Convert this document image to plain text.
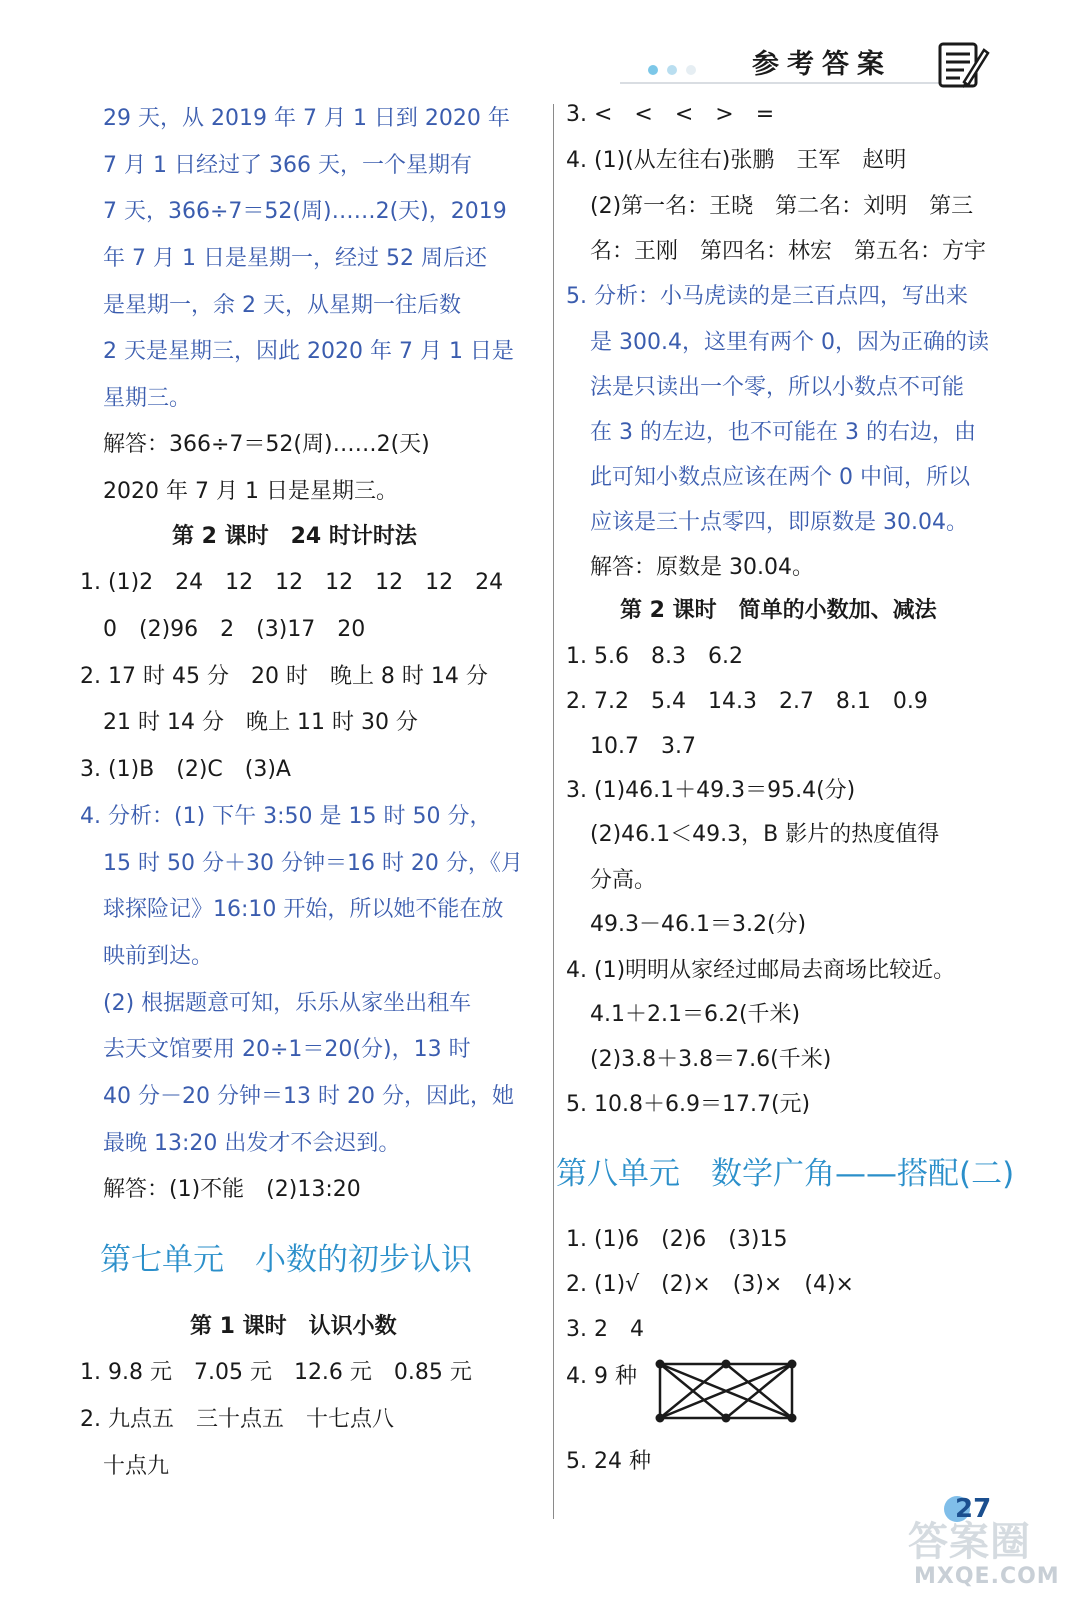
参考答案
29 天，从 2019 年 7 月 1 日到 2020 年
7 月 1 日经过了 366 天，一个星期有
7 天，366÷7＝52(周)……2(天)，2019
年 7 月 1 日是星期一，经过 52 周后还
是星期一，余 2 天，从星期一往后数
2 天是星期三，因此 2020 年 7 月 1 日是
星期三。
解答：366÷7＝52(周)……2(天)
2020 年 7 月 1 日是星期三。
第 2 课时　24 时计时法
1. (1)2　24　12　12　12　12　12　24
0　(2)96　2　(3)17　20
2. 17 时 45 分　20 时　晚上 8 时 14 分
21 时 14 分　晚上 11 时 30 分
3. (1)B　(2)C　(3)A
4. 分析：(1) 下午 3:50 是 15 时 50 分，
15 时 50 分＋30 分钟＝16 时 20 分，《月
球探险记》16:10 开始，所以她不能在放
映前到达。
(2) 根据题意可知，乐乐从家坐出租车
去天文馆要用 20÷1＝20(分)，13 时
40 分－20 分钟＝13 时 20 分，因此，她
最晚 13:20 出发才不会迟到。
解答：(1)不能　(2)13:20
第七单元　小数的初步认识
第 1 课时　认识小数
1. 9.8 元　7.05 元　12.6 元　0.85 元
2. 九点五　三十点五　十七点八
十点九
3. <　<　<　>　=
4. (1)(从左往右)张鹏　王军　赵明
(2)第一名：王晓　第二名：刘明　第三
名：王刚　第四名：林宏　第五名：方宇
5. 分析：小马虎读的是三百点四，写出来
是 300.4，这里有两个 0，因为正确的读
法是只读出一个零，所以小数点不可能
在 3 的左边，也不可能在 3 的右边，由
此可知小数点应该在两个 0 中间，所以
应该是三十点零四，即原数是 30.04。
解答：原数是 30.04。
第 2 课时　简单的小数加、减法
1. 5.6　8.3　6.2
2. 7.2　5.4　14.3　2.7　8.1　0.9
10.7　3.7
3. (1)46.1＋49.3＝95.4(分)
(2)46.1＜49.3，B 影片的热度值得
分高。
49.3－46.1＝3.2(分)
4. (1)明明从家经过邮局去商场比较近。
4.1＋2.1＝6.2(千米)
(2)3.8＋3.8＝7.6(千米)
5. 10.8＋6.9＝17.7(元)
第八单元　数学广角——搭配(二)
1. (1)6　(2)6　(3)15
2. (1)√　(2)×　(3)×　(4)×
3. 2　4
4. 9 种
5. 24 种
27
答案圈
MXQE.COM
